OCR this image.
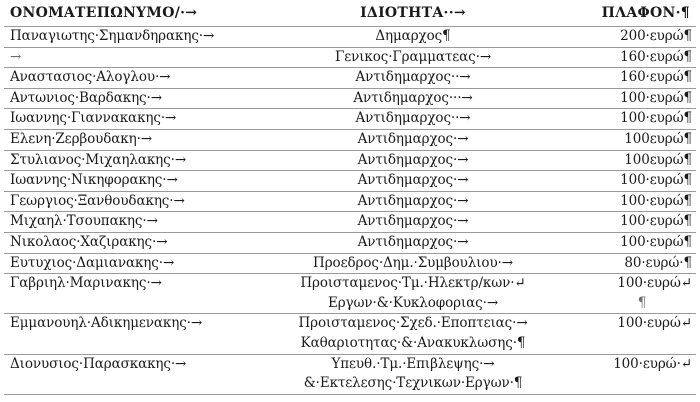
ΟΝΟΜΑΤΕΠΩΝΥΜΟ/·→	ΙΔΙΟΤΗΤΑ··→	ΠΛΑΦΟΝ·¶
Παναγιωτης·Σημανδηρακης·→	Δημαρχος¶	200·ευρώ¶
→	Γενικος·Γραμματεας·→	160·ευρώ¶
Αναστασιος·Αλογλου·→	Αντιδημαρχος··→	160·ευρώ¶
Αντωνιος·Βαρδακης·→	Αντιδημαρχος···→	100·ευρώ¶
Ιωαννης·Γιαννακακης·→	Αντιδημαρχος··→	100·ευρώ¶
Ελενη·Ζερβουδακη·→	Αντιδημαρχος·→	100ευρώ¶
Στυλιανος·Μιχαηλακης·→	Αντιδημαρχος·→	100ευρώ¶
Ιωαννης·Νικηφορακης·→	Αντιδημαρχος·→	100·ευρώ¶
Γεωργιος·Ξανθουδακης·→	Αντιδημαρχος·→	100·ευρώ¶
Μιχαηλ·Τσουπακης·→	Αντιδημαρχος·→	100·ευρώ¶
Νικολαος·Χαζιρακης·→	Αντιδημαρχος·→	100·ευρώ¶
Ευτυχιος·Δαμιανακης·→	Προεδρος·Δημ.·Συμβουλιου·→	80·ευρώ·¶
Γαβριηλ·Μαρινακης·→	Προισταμενος·Τμ.·Ηλεκτρ/κων·↵
Εργων·&·Κυκλοφοριας·→	100·ευρώ↵
¶

Εμμανουηλ·Αδικημενακης·→	Προισταμενος·Σχεδ.·Εποπτειας·→
Καθαριοτητας·&·Ανακυκλωσης·¶	100·ευρώ↵

Διονυσιος·Παρασκακης·→	Υπευθ.·Τμ.·Επιβλεψης·→
&·Εκτελεσης·Τεχνικων·Εργων·¶	100·ευρώ·↵
